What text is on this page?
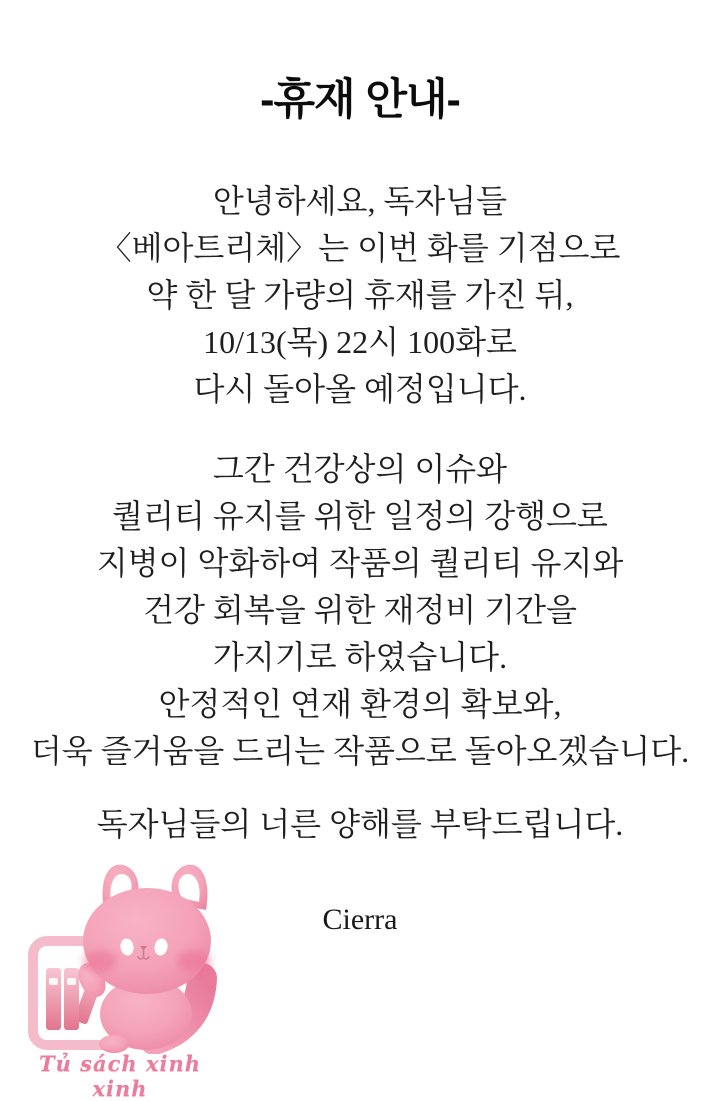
-휴재 안내-
안녕하세요, 독자님들
〈베아트리체〉는 이번 화를 기점으로
약 한 달 가량의 휴재를 가진 뒤,
10/13(목) 22시 100화로
다시 돌아올 예정입니다.
그간 건강상의 이슈와
퀄리티 유지를 위한 일정의 강행으로
지병이 악화하여 작품의 퀄리티 유지와
건강 회복을 위한 재정비 기간을
가지기로 하였습니다.
안정적인 연재 환경의 확보와,
더욱 즐거움을 드리는 작품으로 돌아오겠습니다.
독자님들의 너른 양해를 부탁드립니다.
Cierra
Tủ sách xinh xinh
